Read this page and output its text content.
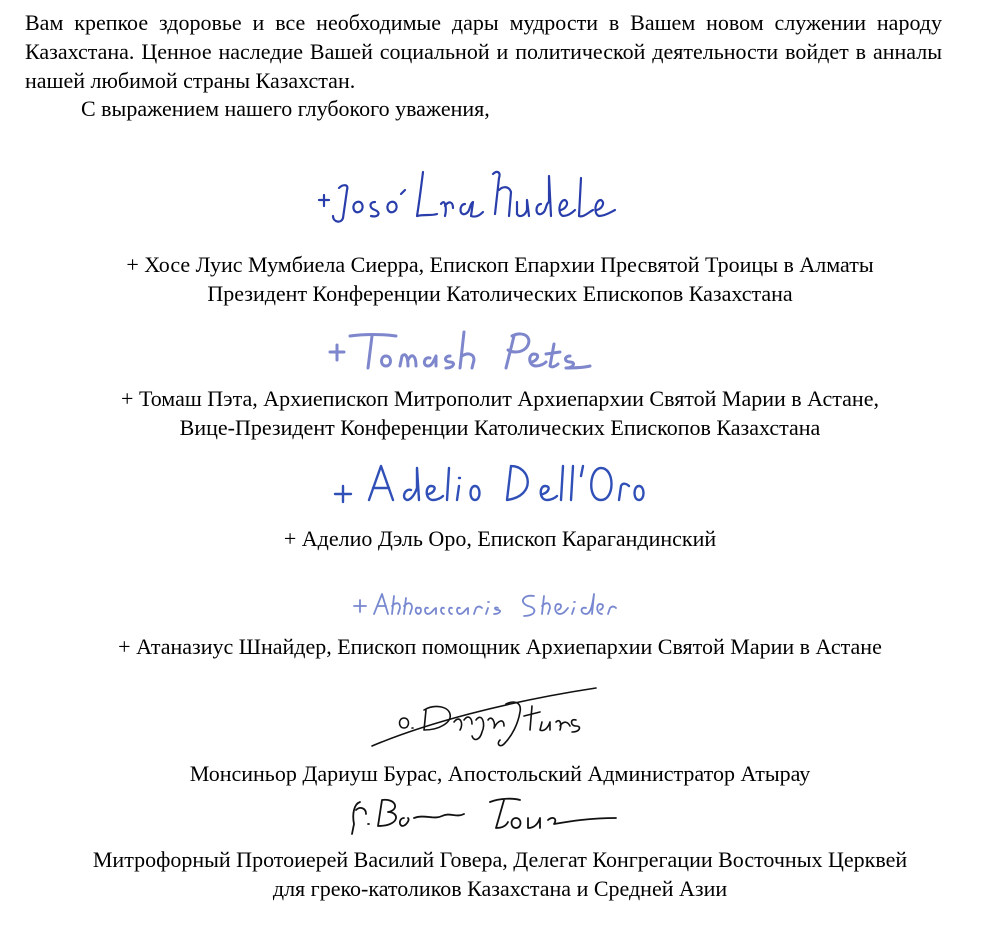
Вам крепкое здоровье и все необходимые дары мудрости в Вашем новом служении народу Казахстана. Ценное наследие Вашей социальной и политической деятельности войдет в анналы нашей любимой страны Казахстан.

С выражением нашего глубокого уважения,
+ Хосе Луис Мумбиела Сиерра, Епископ Епархии Пресвятой Троицы в Алматы
Президент Конференции Католических Епископов Казахстана
+ Томаш Пэта, Архиепископ Митрополит Архиепархии Святой Марии в Астане,
Вице-Президент Конференции Католических Епископов Казахстана
+ Аделио Дэль Оро, Епископ Карагандинский
+ Атаназиус Шнайдер, Епископ помощник Архиепархии Святой Марии в Астане
Монсиньор Дариуш Бурас, Апостольский Администратор Атырау
Митрофорный Протоиерей Василий Говера, Делегат Конгрегации Восточных Церквей
для греко-католиков Казахстана и Средней Азии
